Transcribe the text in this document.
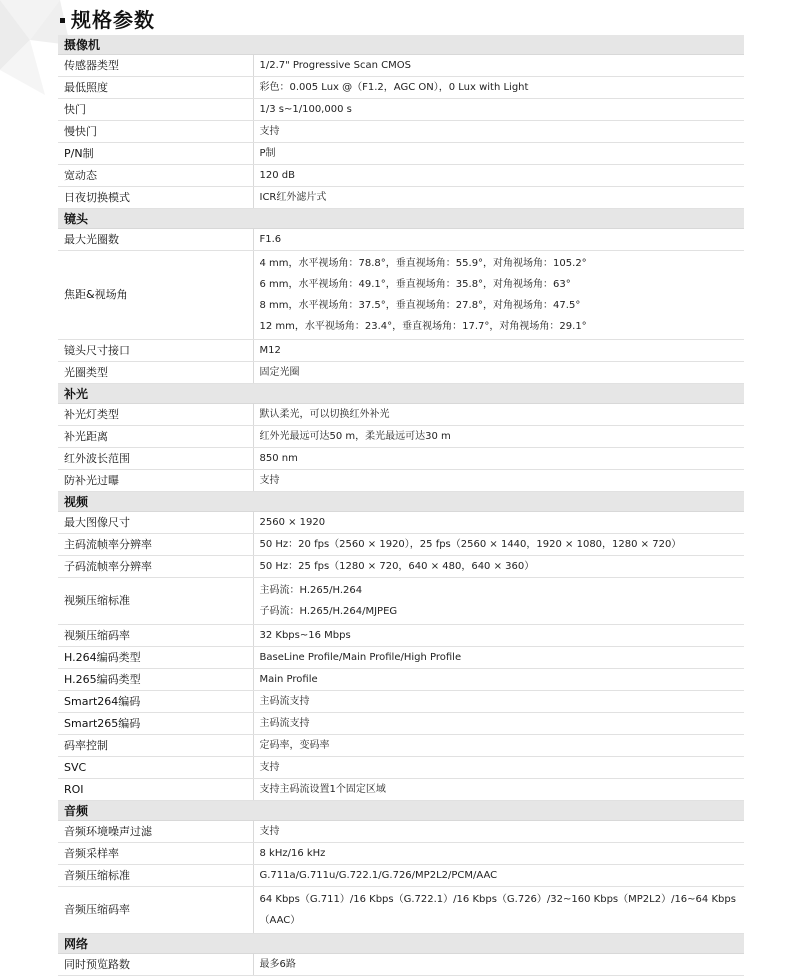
规格参数
摄像机	
传感器类型	1/2.7" Progressive Scan CMOS
最低照度	彩色：0.005 Lux @（F1.2，AGC ON），0 Lux with Light
快门	1/3 s~1/100,000 s
慢快门	支持
P/N制	P制
宽动态	120 dB
日夜切换模式	ICR红外滤片式
镜头	
最大光圈数	F1.6
焦距&视场角	4 mm，水平视场角：78.8°，垂直视场角：55.9°，对角视场角：105.2°
6 mm，水平视场角：49.1°，垂直视场角：35.8°，对角视场角：63°
8 mm，水平视场角：37.5°，垂直视场角：27.8°，对角视场角：47.5°
12 mm，水平视场角：23.4°，垂直视场角：17.7°，对角视场角：29.1°

镜头尺寸接口	M12
光圈类型	固定光圈
补光	
补光灯类型	默认柔光，可以切换红外补光
补光距离	红外光最远可达50 m，柔光最远可达30 m
红外波长范围	850 nm
防补光过曝	支持
视频	
最大图像尺寸	2560 × 1920
主码流帧率分辨率	50 Hz：20 fps（2560 × 1920），25 fps（2560 × 1440，1920 × 1080，1280 × 720）
子码流帧率分辨率	50 Hz：25 fps（1280 × 720，640 × 480，640 × 360）
视频压缩标准	主码流：H.265/H.264
子码流：H.265/H.264/MJPEG

视频压缩码率	32 Kbps~16 Mbps
H.264编码类型	BaseLine Profile/Main Profile/High Profile
H.265编码类型	Main Profile
Smart264编码	主码流支持
Smart265编码	主码流支持
码率控制	定码率，变码率
SVC	支持
ROI	支持主码流设置1个固定区域
音频	
音频环境噪声过滤	支持
音频采样率	8 kHz/16 kHz
音频压缩标准	G.711a/G.711u/G.722.1/G.726/MP2L2/PCM/AAC
音频压缩码率	64 Kbps（G.711）/16 Kbps（G.722.1）/16 Kbps（G.726）/32~160 Kbps（MP2L2）/16~64 Kbps（AAC）
网络	
同时预览路数	最多6路
